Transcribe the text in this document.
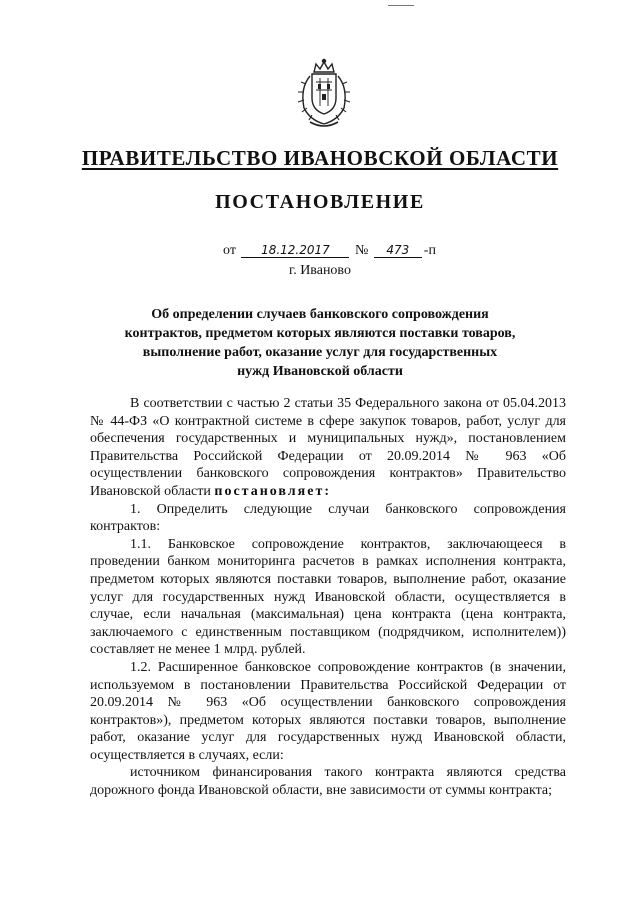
ПРАВИТЕЛЬСТВО ИВАНОВСКОЙ ОБЛАСТИ
ПОСТАНОВЛЕНИЕ
от 18.12.2017 № 473 -п
г. Иваново
Об определении случаев банковского сопровождения
контрактов, предметом которых являются поставки товаров,
выполнение работ, оказание услуг для государственных
нужд Ивановской области

В соответствии с частью 2 статьи 35 Федерального закона от 05.04.2013 № 44-ФЗ «О контрактной системе в сфере закупок товаров, работ, услуг для обеспечения государственных и муниципальных нужд», постановлением Правительства Российской Федерации от 20.09.2014 № 963 «Об осуществлении банковского сопровождения контрактов» Правительство Ивановской области постановляет:

1. Определить следующие случаи банковского сопровождения контрактов:

1.1. Банковское сопровождение контрактов, заключающееся в проведении банком мониторинга расчетов в рамках исполнения контракта, предметом которых являются поставки товаров, выполнение работ, оказание услуг для государственных нужд Ивановской области, осуществляется в случае, если начальная (максимальная) цена контракта (цена контракта, заключаемого с единственным поставщиком (подрядчиком, исполнителем)) составляет не менее 1 млрд. рублей.

1.2. Расширенное банковское сопровождение контрактов (в значении, используемом в постановлении Правительства Российской Федерации от 20.09.2014 № 963 «Об осуществлении банковского сопровождения контрактов»), предметом которых являются поставки товаров, выполнение работ, оказание услуг для государственных нужд Ивановской области, осуществляется в случаях, если:

источником финансирования такого контракта являются средства дорожного фонда Ивановской области, вне зависимости от суммы контракта;
